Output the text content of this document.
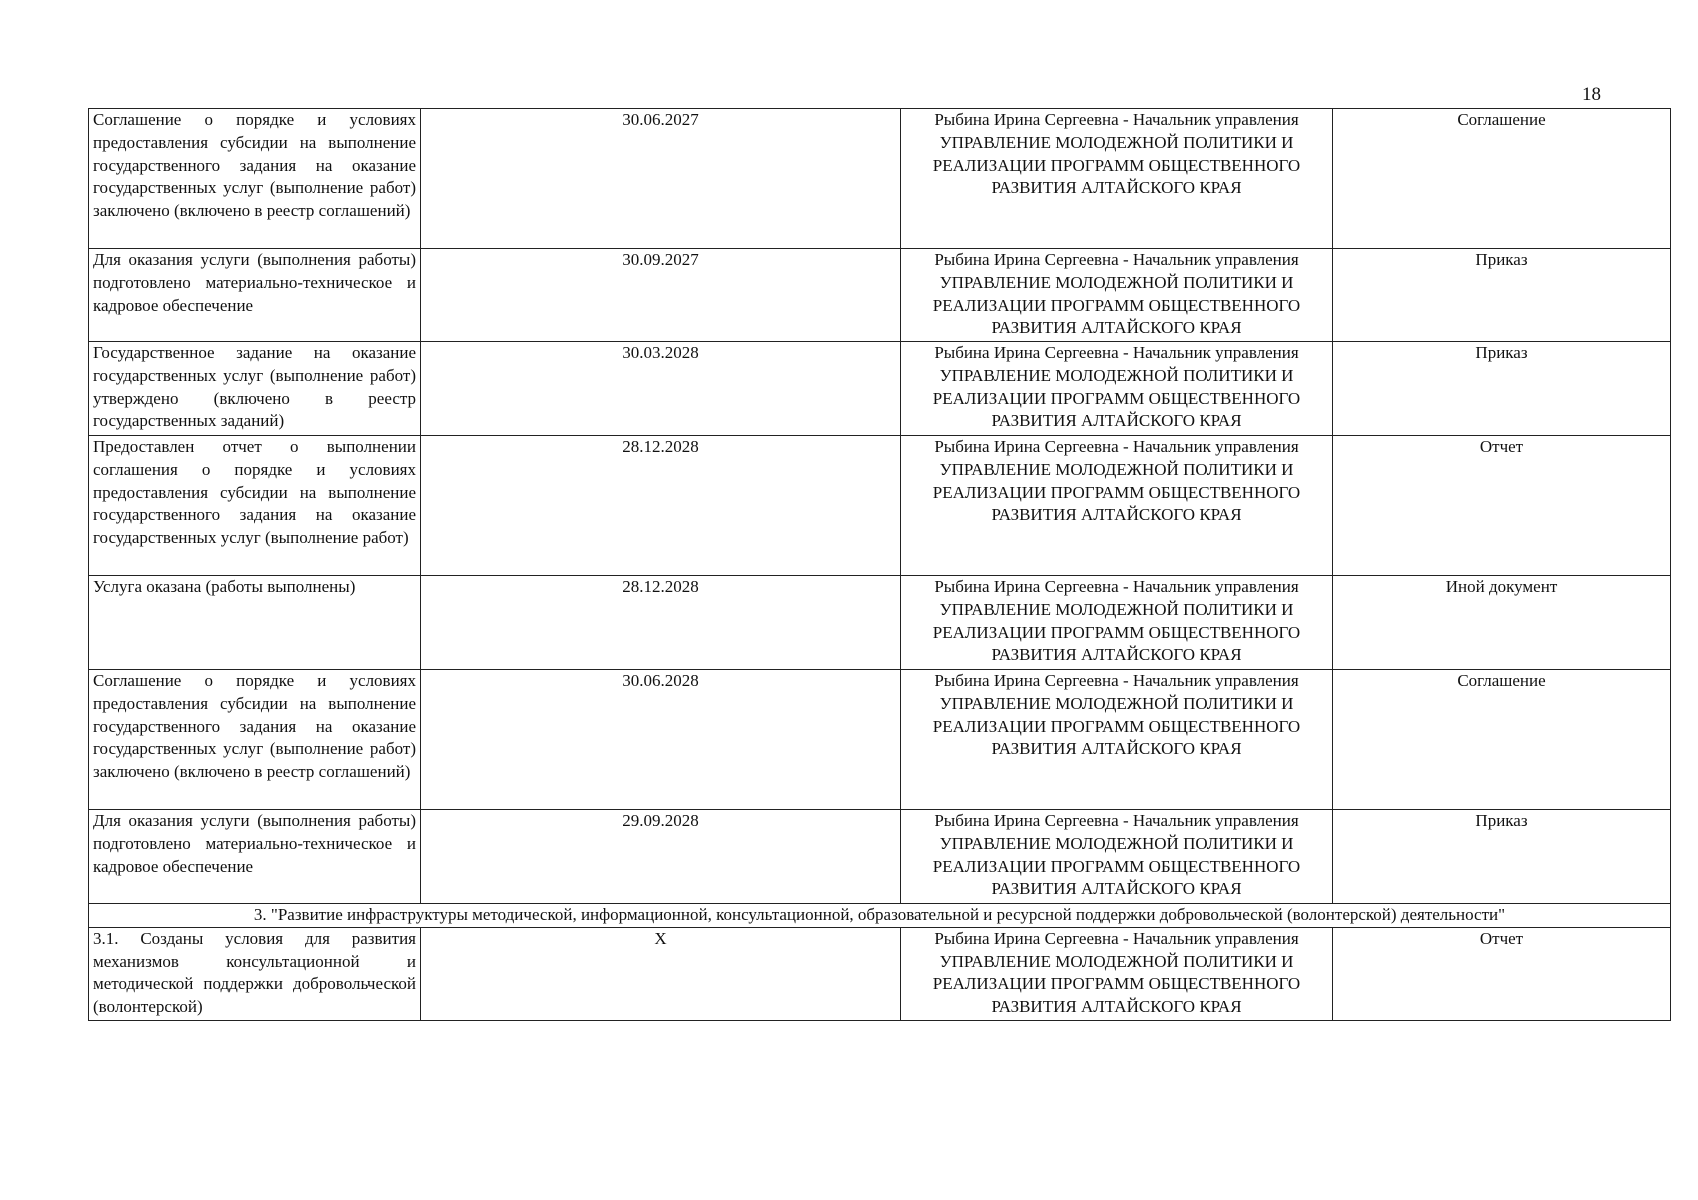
18
Соглашение о порядке и условиях предоставления субсидии на выполнение государственного задания на оказание государственных услуг (выполнение работ) заключено (включено в реестр соглашений)	30.06.2027	Рыбина Ирина Сергеевна - Начальник управления
УПРАВЛЕНИЕ МОЛОДЕЖНОЙ ПОЛИТИКИ И РЕАЛИЗАЦИИ ПРОГРАММ ОБЩЕСТВЕННОГО РАЗВИТИЯ АЛТАЙСКОГО КРАЯ	Соглашение
Для оказания услуги (выполнения работы) подготовлено материально-техническое и кадровое обеспечение	30.09.2027	Рыбина Ирина Сергеевна - Начальник управления
УПРАВЛЕНИЕ МОЛОДЕЖНОЙ ПОЛИТИКИ И РЕАЛИЗАЦИИ ПРОГРАММ ОБЩЕСТВЕННОГО РАЗВИТИЯ АЛТАЙСКОГО КРАЯ	Приказ
Государственное задание на оказание государственных услуг (выполнение работ) утверждено (включено в реестр государственных заданий)	30.03.2028	Рыбина Ирина Сергеевна - Начальник управления
УПРАВЛЕНИЕ МОЛОДЕЖНОЙ ПОЛИТИКИ И РЕАЛИЗАЦИИ ПРОГРАММ ОБЩЕСТВЕННОГО РАЗВИТИЯ АЛТАЙСКОГО КРАЯ	Приказ
Предоставлен отчет о выполнении соглашения о порядке и условиях предоставления субсидии на выполнение государственного задания на оказание государственных услуг (выполнение работ)	28.12.2028	Рыбина Ирина Сергеевна - Начальник управления
УПРАВЛЕНИЕ МОЛОДЕЖНОЙ ПОЛИТИКИ И РЕАЛИЗАЦИИ ПРОГРАММ ОБЩЕСТВЕННОГО РАЗВИТИЯ АЛТАЙСКОГО КРАЯ	Отчет
Услуга оказана (работы выполнены)	28.12.2028	Рыбина Ирина Сергеевна - Начальник управления
УПРАВЛЕНИЕ МОЛОДЕЖНОЙ ПОЛИТИКИ И РЕАЛИЗАЦИИ ПРОГРАММ ОБЩЕСТВЕННОГО РАЗВИТИЯ АЛТАЙСКОГО КРАЯ	Иной документ
Соглашение о порядке и условиях предоставления субсидии на выполнение государственного задания на оказание государственных услуг (выполнение работ) заключено (включено в реестр соглашений)	30.06.2028	Рыбина Ирина Сергеевна - Начальник управления
УПРАВЛЕНИЕ МОЛОДЕЖНОЙ ПОЛИТИКИ И РЕАЛИЗАЦИИ ПРОГРАММ ОБЩЕСТВЕННОГО РАЗВИТИЯ АЛТАЙСКОГО КРАЯ	Соглашение
Для оказания услуги (выполнения работы) подготовлено материально-техническое и кадровое обеспечение	29.09.2028	Рыбина Ирина Сергеевна - Начальник управления
УПРАВЛЕНИЕ МОЛОДЕЖНОЙ ПОЛИТИКИ И РЕАЛИЗАЦИИ ПРОГРАММ ОБЩЕСТВЕННОГО РАЗВИТИЯ АЛТАЙСКОГО КРАЯ	Приказ
3. "Развитие инфраструктуры методической, информационной, консультационной, образовательной и ресурсной поддержки добровольческой (волонтерской) деятельности"			
3.1. Созданы условия для развития механизмов консультационной и методической поддержки добровольческой (волонтерской)	X	Рыбина Ирина Сергеевна - Начальник управления
УПРАВЛЕНИЕ МОЛОДЕЖНОЙ ПОЛИТИКИ И РЕАЛИЗАЦИИ ПРОГРАММ ОБЩЕСТВЕННОГО РАЗВИТИЯ АЛТАЙСКОГО КРАЯ	Отчет
